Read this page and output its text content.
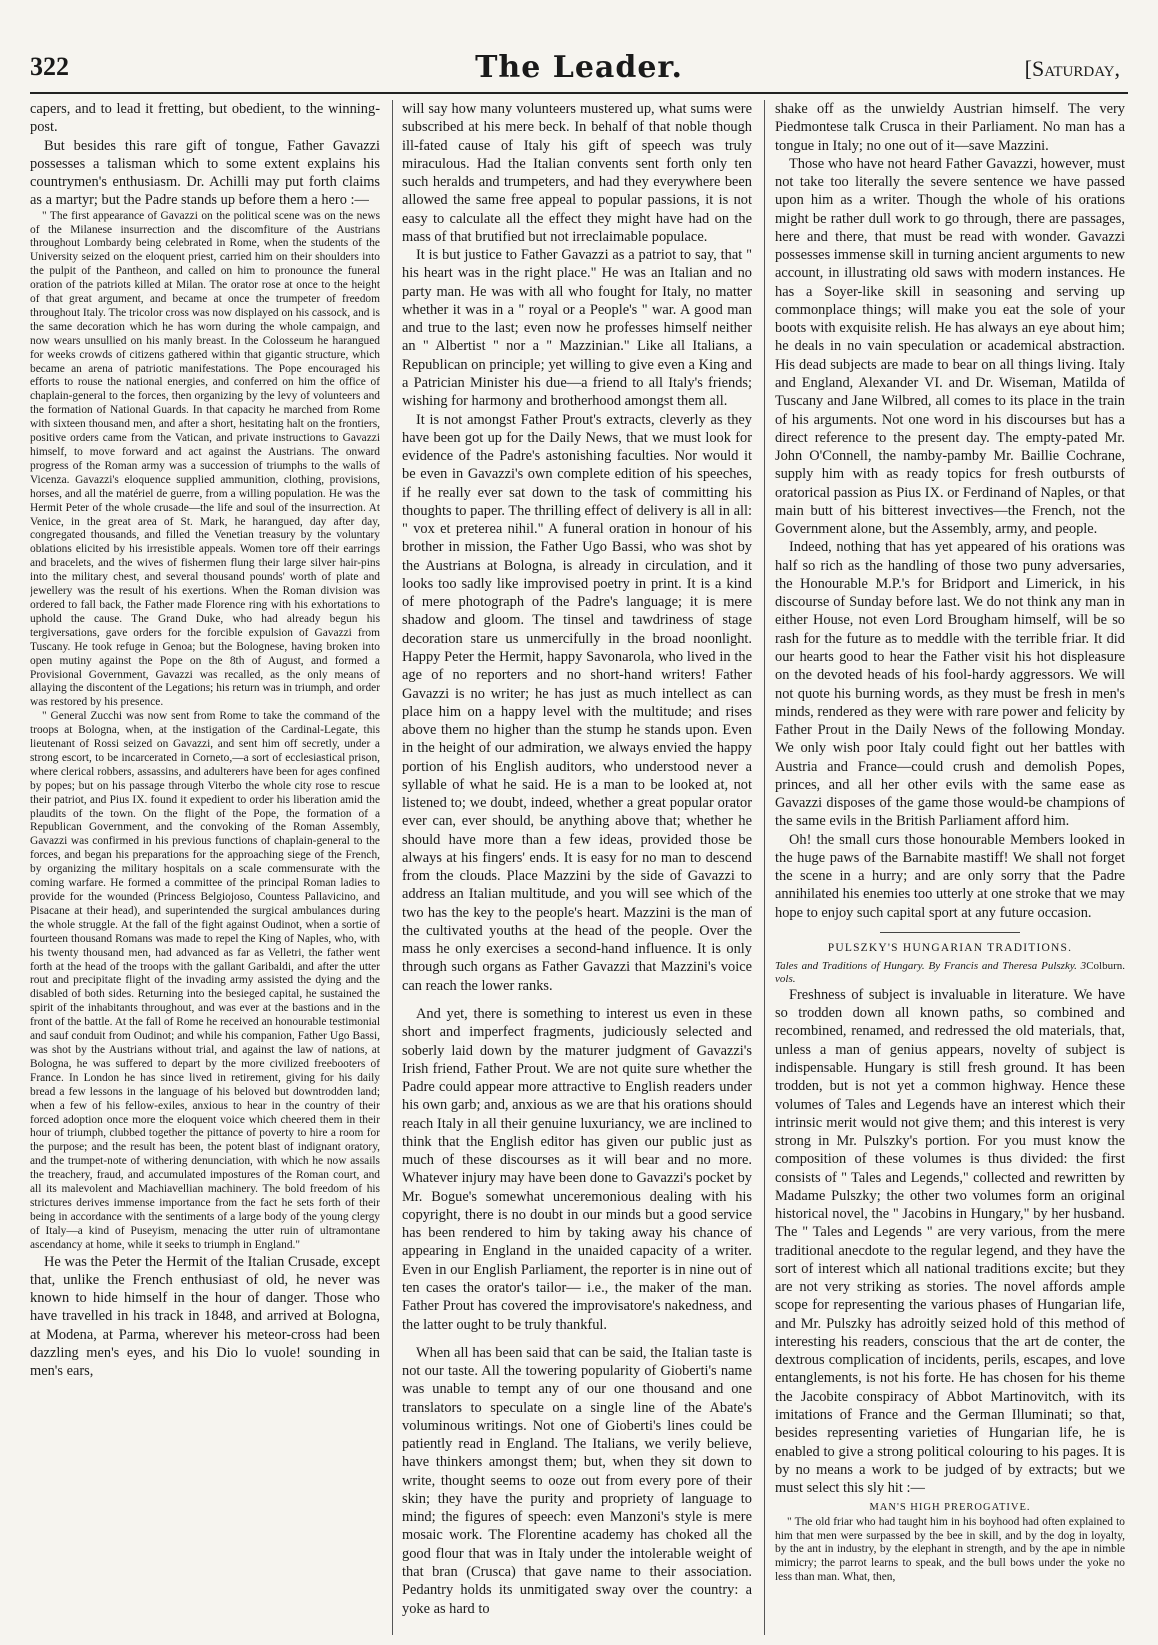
322	The Leader.	[Saturday,

capers, and to lead it fretting, but obedient, to the winning-post.

But besides this rare gift of tongue, Father Gavazzi possesses a talisman which to some extent explains his countrymen's enthusiasm. Dr. Achilli may put forth claims as a martyr; but the Padre stands up before them a hero :—

" The first appearance of Gavazzi on the political scene was on the news of the Milanese insurrection and the discomfiture of the Austrians throughout Lombardy being celebrated in Rome, when the students of the University seized on the eloquent priest, carried him on their shoulders into the pulpit of the Pantheon, and called on him to pronounce the funeral oration of the patriots killed at Milan. The orator rose at once to the height of that great argument, and became at once the trumpeter of freedom throughout Italy. The tricolor cross was now displayed on his cassock, and is the same decoration which he has worn during the whole campaign, and now wears unsullied on his manly breast. In the Colosseum he harangued for weeks crowds of citizens gathered within that gigantic structure, which became an arena of patriotic manifestations. The Pope encouraged his efforts to rouse the national energies, and conferred on him the office of chaplain-general to the forces, then organizing by the levy of volunteers and the formation of National Guards. In that capacity he marched from Rome with sixteen thousand men, and after a short, hesitating halt on the frontiers, positive orders came from the Vatican, and private instructions to Gavazzi himself, to move forward and act against the Austrians. The onward progress of the Roman army was a succession of triumphs to the walls of Vicenza. Gavazzi's eloquence supplied ammunition, clothing, provisions, horses, and all the matériel de guerre, from a willing population. He was the Hermit Peter of the whole crusade—the life and soul of the insurrection. At Venice, in the great area of St. Mark, he harangued, day after day, congregated thousands, and filled the Venetian treasury by the voluntary oblations elicited by his irresistible appeals. Women tore off their earrings and bracelets, and the wives of fishermen flung their large silver hair-pins into the military chest, and several thousand pounds' worth of plate and jewellery was the result of his exertions. When the Roman division was ordered to fall back, the Father made Florence ring with his exhortations to uphold the cause. The Grand Duke, who had already begun his tergiversations, gave orders for the forcible expulsion of Gavazzi from Tuscany. He took refuge in Genoa; but the Bolognese, having broken into open mutiny against the Pope on the 8th of August, and formed a Provisional Government, Gavazzi was recalled, as the only means of allaying the discontent of the Legations; his return was in triumph, and order was restored by his presence.

" General Zucchi was now sent from Rome to take the command of the troops at Bologna, when, at the instigation of the Cardinal-Legate, this lieutenant of Rossi seized on Gavazzi, and sent him off secretly, under a strong escort, to be incarcerated in Corneto,—a sort of ecclesiastical prison, where clerical robbers, assassins, and adulterers have been for ages confined by popes; but on his passage through Viterbo the whole city rose to rescue their patriot, and Pius IX. found it expedient to order his liberation amid the plaudits of the town. On the flight of the Pope, the formation of a Republican Government, and the convoking of the Roman Assembly, Gavazzi was confirmed in his previous functions of chaplain-general to the forces, and began his preparations for the approaching siege of the French, by organizing the military hospitals on a scale commensurate with the coming warfare. He formed a committee of the principal Roman ladies to provide for the wounded (Princess Belgiojoso, Countess Pallavicino, and Pisacane at their head), and superintended the surgical ambulances during the whole struggle. At the fall of the fight against Oudinot, when a sortie of fourteen thousand Romans was made to repel the King of Naples, who, with his twenty thousand men, had advanced as far as Velletri, the father went forth at the head of the troops with the gallant Garibaldi, and after the utter rout and precipitate flight of the invading army assisted the dying and the disabled of both sides. Returning into the besieged capital, he sustained the spirit of the inhabitants throughout, and was ever at the bastions and in the front of the battle. At the fall of Rome he received an honourable testimonial and sauf conduit from Oudinot; and while his companion, Father Ugo Bassi, was shot by the Austrians without trial, and against the law of nations, at Bologna, he was suffered to depart by the more civilized freebooters of France. In London he has since lived in retirement, giving for his daily bread a few lessons in the language of his beloved but downtrodden land; when a few of his fellow-exiles, anxious to hear in the country of their forced adoption once more the eloquent voice which cheered them in their hour of triumph, clubbed together the pittance of poverty to hire a room for the purpose; and the result has been, the potent blast of indignant oratory, and the trumpet-note of withering denunciation, with which he now assails the treachery, fraud, and accumulated impostures of the Roman court, and all its malevolent and Machiavellian machinery. The bold freedom of his strictures derives immense importance from the fact he sets forth of their being in accordance with the sentiments of a large body of the young clergy of Italy—a kind of Puseyism, menacing the utter ruin of ultramontane ascendancy at home, while it seeks to triumph in England."

He was the Peter the Hermit of the Italian Crusade, except that, unlike the French enthusiast of old, he never was known to hide himself in the hour of danger. Those who have travelled in his track in 1848, and arrived at Bologna, at Modena, at Parma, wherever his meteor-cross had been dazzling men's eyes, and his Dio lo vuole! sounding in men's ears,

will say how many volunteers mustered up, what sums were subscribed at his mere beck. In behalf of that noble though ill-fated cause of Italy his gift of speech was truly miraculous. Had the Italian convents sent forth only ten such heralds and trumpeters, and had they everywhere been allowed the same free appeal to popular passions, it is not easy to calculate all the effect they might have had on the mass of that brutified but not irreclaimable populace.

It is but justice to Father Gavazzi as a patriot to say, that " his heart was in the right place." He was an Italian and no party man. He was with all who fought for Italy, no matter whether it was in a " royal or a People's " war. A good man and true to the last; even now he professes himself neither an " Albertist " nor a " Mazzinian." Like all Italians, a Republican on principle; yet willing to give even a King and a Patrician Minister his due—a friend to all Italy's friends; wishing for harmony and brotherhood amongst them all.

It is not amongst Father Prout's extracts, cleverly as they have been got up for the Daily News, that we must look for evidence of the Padre's astonishing faculties. Nor would it be even in Gavazzi's own complete edition of his speeches, if he really ever sat down to the task of committing his thoughts to paper. The thrilling effect of delivery is all in all: " vox et preterea nihil." A funeral oration in honour of his brother in mission, the Father Ugo Bassi, who was shot by the Austrians at Bologna, is already in circulation, and it looks too sadly like improvised poetry in print. It is a kind of mere photograph of the Padre's language; it is mere shadow and gloom. The tinsel and tawdriness of stage decoration stare us unmercifully in the broad noonlight. Happy Peter the Hermit, happy Savonarola, who lived in the age of no reporters and no short-hand writers! Father Gavazzi is no writer; he has just as much intellect as can place him on a happy level with the multitude; and rises above them no higher than the stump he stands upon. Even in the height of our admiration, we always envied the happy portion of his English auditors, who understood never a syllable of what he said. He is a man to be looked at, not listened to; we doubt, indeed, whether a great popular orator ever can, ever should, be anything above that; whether he should have more than a few ideas, provided those be always at his fingers' ends. It is easy for no man to descend from the clouds. Place Mazzini by the side of Gavazzi to address an Italian multitude, and you will see which of the two has the key to the people's heart. Mazzini is the man of the cultivated youths at the head of the people. Over the mass he only exercises a second-hand influence. It is only through such organs as Father Gavazzi that Mazzini's voice can reach the lower ranks.

And yet, there is something to interest us even in these short and imperfect fragments, judiciously selected and soberly laid down by the maturer judgment of Gavazzi's Irish friend, Father Prout. We are not quite sure whether the Padre could appear more attractive to English readers under his own garb; and, anxious as we are that his orations should reach Italy in all their genuine luxuriancy, we are inclined to think that the English editor has given our public just as much of these discourses as it will bear and no more. Whatever injury may have been done to Gavazzi's pocket by Mr. Bogue's somewhat unceremonious dealing with his copyright, there is no doubt in our minds but a good service has been rendered to him by taking away his chance of appearing in England in the unaided capacity of a writer. Even in our English Parliament, the reporter is in nine out of ten cases the orator's tailor— i.e., the maker of the man. Father Prout has covered the improvisatore's nakedness, and the latter ought to be truly thankful.

When all has been said that can be said, the Italian taste is not our taste. All the towering popularity of Gioberti's name was unable to tempt any of our one thousand and one translators to speculate on a single line of the Abate's voluminous writings. Not one of Gioberti's lines could be patiently read in England. The Italians, we verily believe, have thinkers amongst them; but, when they sit down to write, thought seems to ooze out from every pore of their skin; they have the purity and propriety of language to mind; the figures of speech: even Manzoni's style is mere mosaic work. The Florentine academy has choked all the good flour that was in Italy under the intolerable weight of that bran (Crusca) that gave name to their association. Pedantry holds its unmitigated sway over the country: a yoke as hard to

shake off as the unwieldy Austrian himself. The very Piedmontese talk Crusca in their Parliament. No man has a tongue in Italy; no one out of it—save Mazzini.

Those who have not heard Father Gavazzi, however, must not take too literally the severe sentence we have passed upon him as a writer. Though the whole of his orations might be rather dull work to go through, there are passages, here and there, that must be read with wonder. Gavazzi possesses immense skill in turning ancient arguments to new account, in illustrating old saws with modern instances. He has a Soyer-like skill in seasoning and serving up commonplace things; will make you eat the sole of your boots with exquisite relish. He has always an eye about him; he deals in no vain speculation or academical abstraction. His dead subjects are made to bear on all things living. Italy and England, Alexander VI. and Dr. Wiseman, Matilda of Tuscany and Jane Wilbred, all comes to its place in the train of his arguments. Not one word in his discourses but has a direct reference to the present day. The empty-pated Mr. John O'Connell, the namby-pamby Mr. Baillie Cochrane, supply him with as ready topics for fresh outbursts of oratorical passion as Pius IX. or Ferdinand of Naples, or that main butt of his bitterest invectives—the French, not the Government alone, but the Assembly, army, and people.

Indeed, nothing that has yet appeared of his orations was half so rich as the handling of those two puny adversaries, the Honourable M.P.'s for Bridport and Limerick, in his discourse of Sunday before last. We do not think any man in either House, not even Lord Brougham himself, will be so rash for the future as to meddle with the terrible friar. It did our hearts good to hear the Father visit his hot displeasure on the devoted heads of his fool-hardy aggressors. We will not quote his burning words, as they must be fresh in men's minds, rendered as they were with rare power and felicity by Father Prout in the Daily News of the following Monday. We only wish poor Italy could fight out her battles with Austria and France—could crush and demolish Popes, princes, and all her other evils with the same ease as Gavazzi disposes of the game those would-be champions of the same evils in the British Parliament afford him.

Oh! the small curs those honourable Members looked in the huge paws of the Barnabite mastiff! We shall not forget the scene in a hurry; and are only sorry that the Padre annihilated his enemies too utterly at one stroke that we may hope to enjoy such capital sport at any future occasion.

PULSZKY'S HUNGARIAN TRADITIONS.
Tales and Traditions of Hungary. By Francis and Theresa Pulszky. 3 vols.
Colburn.

Freshness of subject is invaluable in literature. We have so trodden down all known paths, so combined and recombined, renamed, and redressed the old materials, that, unless a man of genius appears, novelty of subject is indispensable. Hungary is still fresh ground. It has been trodden, but is not yet a common highway. Hence these volumes of Tales and Legends have an interest which their intrinsic merit would not give them; and this interest is very strong in Mr. Pulszky's portion. For you must know the composition of these volumes is thus divided: the first consists of " Tales and Legends," collected and rewritten by Madame Pulszky; the other two volumes form an original historical novel, the " Jacobins in Hungary," by her husband. The " Tales and Legends " are very various, from the mere traditional anecdote to the regular legend, and they have the sort of interest which all national traditions excite; but they are not very striking as stories. The novel affords ample scope for representing the various phases of Hungarian life, and Mr. Pulszky has adroitly seized hold of this method of interesting his readers, conscious that the art de conter, the dextrous complication of incidents, perils, escapes, and love entanglements, is not his forte. He has chosen for his theme the Jacobite conspiracy of Abbot Martinovitch, with its imitations of France and the German Illuminati; so that, besides representing varieties of Hungarian life, he is enabled to give a strong political colouring to his pages. It is by no means a work to be judged of by extracts; but we must select this sly hit :—

MAN'S HIGH PREROGATIVE.

" The old friar who had taught him in his boyhood had often explained to him that men were surpassed by the bee in skill, and by the dog in loyalty, by the ant in industry, by the elephant in strength, and by the ape in nimble mimicry; the parrot learns to speak, and the bull bows under the yoke no less than man. What, then,
